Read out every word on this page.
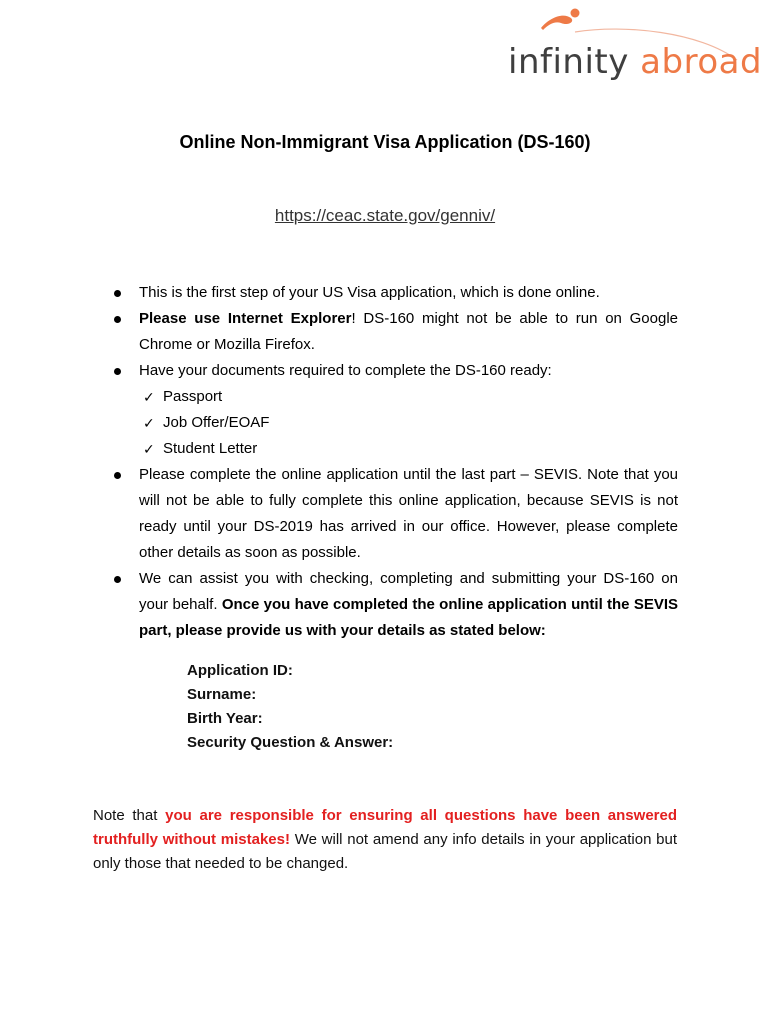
infinity abroad
Online Non-Immigrant Visa Application (DS-160)
https://ceac.state.gov/genniv/
This is the first step of your US Visa application, which is done online.
Please use Internet Explorer! DS-160 might not be able to run on Google Chrome or Mozilla Firefox.
Have your documents required to complete the DS-160 ready:
✓ Passport
✓ Job Offer/EOAF
✓ Student Letter
Please complete the online application until the last part – SEVIS. Note that you will not be able to fully complete this online application, because SEVIS is not ready until your DS-2019 has arrived in our office. However, please complete other details as soon as possible.
We can assist you with checking, completing and submitting your DS-160 on your behalf. Once you have completed the online application until the SEVIS part, please provide us with your details as stated below:
Application ID:
Surname:
Birth Year:
Security Question & Answer:

Note that you are responsible for ensuring all questions have been answered truthfully without mistakes! We will not amend any info details in your application but only those that needed to be changed.
